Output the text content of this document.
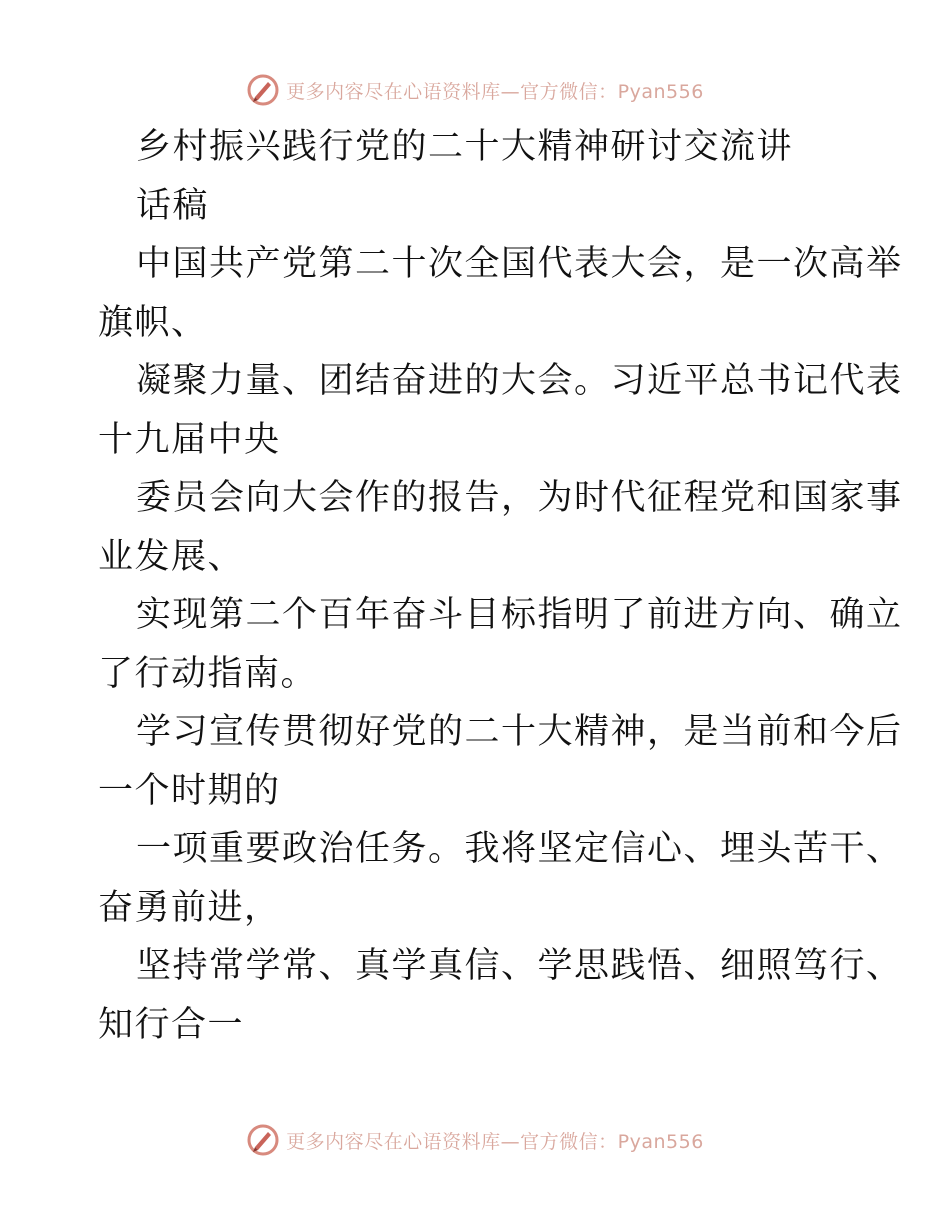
更多内容尽在心语资料库—官方微信：Pyan556
乡村振兴践行党的二十大精神研讨交流讲
话稿
中国共产党第二十次全国代表大会，是一次高举
旗帜、
凝聚力量、团结奋进的大会。习近平总书记代表
十九届中央
委员会向大会作的报告，为时代征程党和国家事
业发展、
实现第二个百年奋斗目标指明了前进方向、确立
了行动指南。
学习宣传贯彻好党的二十大精神，是当前和今后
一个时期的
一项重要政治任务。我将坚定信心、埋头苦干、
奋勇前进，
坚持常学常、真学真信、学思践悟、细照笃行、
知行合一
更多内容尽在心语资料库—官方微信：Pyan556
